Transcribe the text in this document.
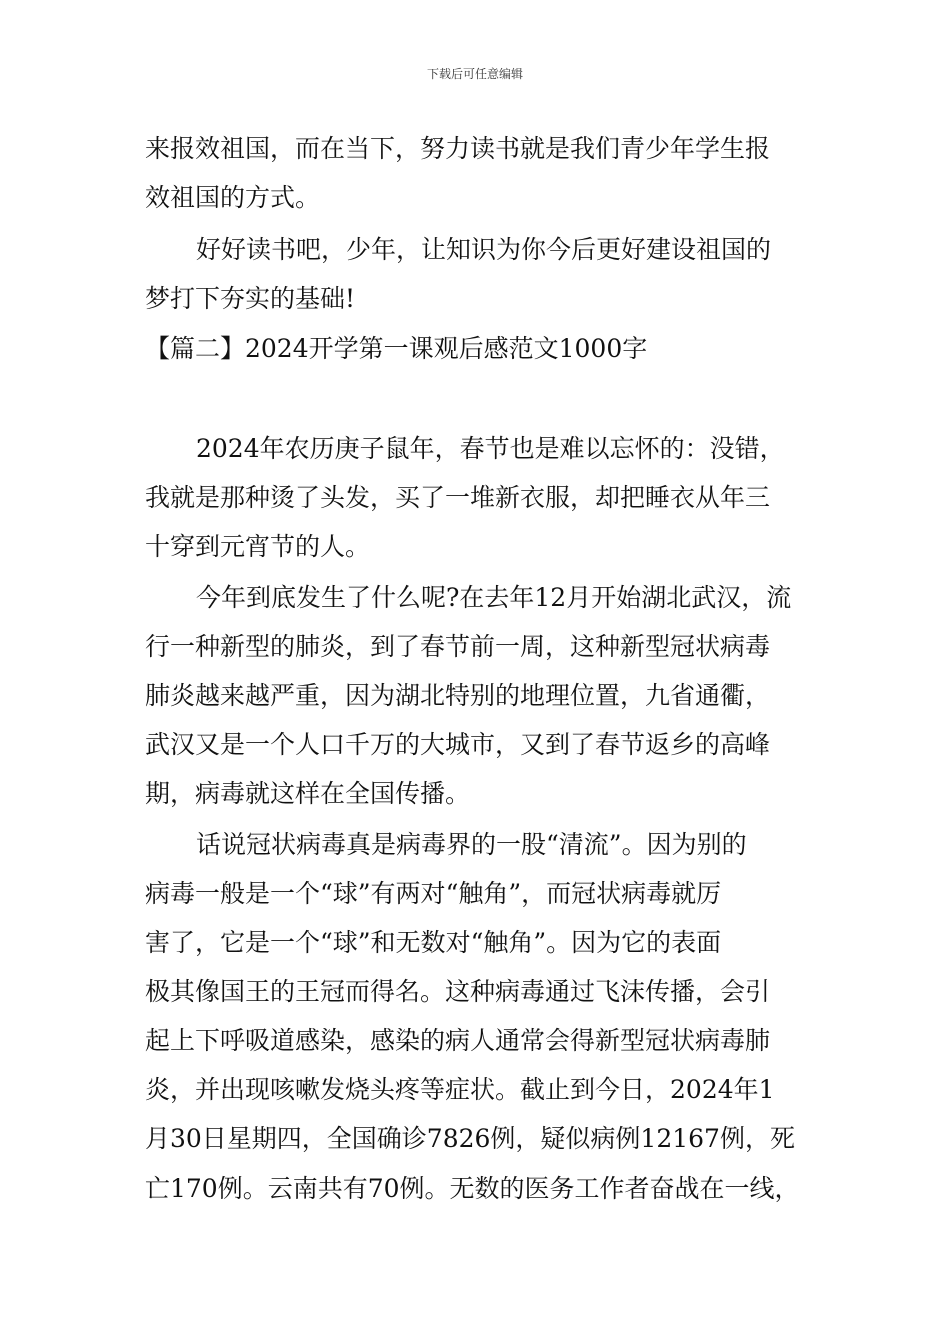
下载后可任意编辑
来报效祖国，而在当下，努力读书就是我们青少年学生报
效祖国的方式。
好好读书吧，少年，让知识为你今后更好建设祖国的
梦打下夯实的基础!
【篇二】2024开学第一课观后感范文1000字
2024年农历庚子鼠年，春节也是难以忘怀的：没错，
我就是那种烫了头发，买了一堆新衣服，却把睡衣从年三
十穿到元宵节的人。
今年到底发生了什么呢?在去年12月开始湖北武汉，流
行一种新型的肺炎，到了春节前一周，这种新型冠状病毒
肺炎越来越严重，因为湖北特别的地理位置，九省通衢，
武汉又是一个人口千万的大城市，又到了春节返乡的高峰
期，病毒就这样在全国传播。
话说冠状病毒真是病毒界的一股“清流”。因为别的
病毒一般是一个“球”有两对“触角”，而冠状病毒就厉
害了，它是一个“球”和无数对“触角”。因为它的表面
极其像国王的王冠而得名。这种病毒通过飞沫传播，会引
起上下呼吸道感染，感染的病人通常会得新型冠状病毒肺
炎，并出现咳嗽发烧头疼等症状。截止到今日，2024年1
月30日星期四，全国确诊7826例，疑似病例12167例，死
亡170例。云南共有70例。无数的医务工作者奋战在一线，
